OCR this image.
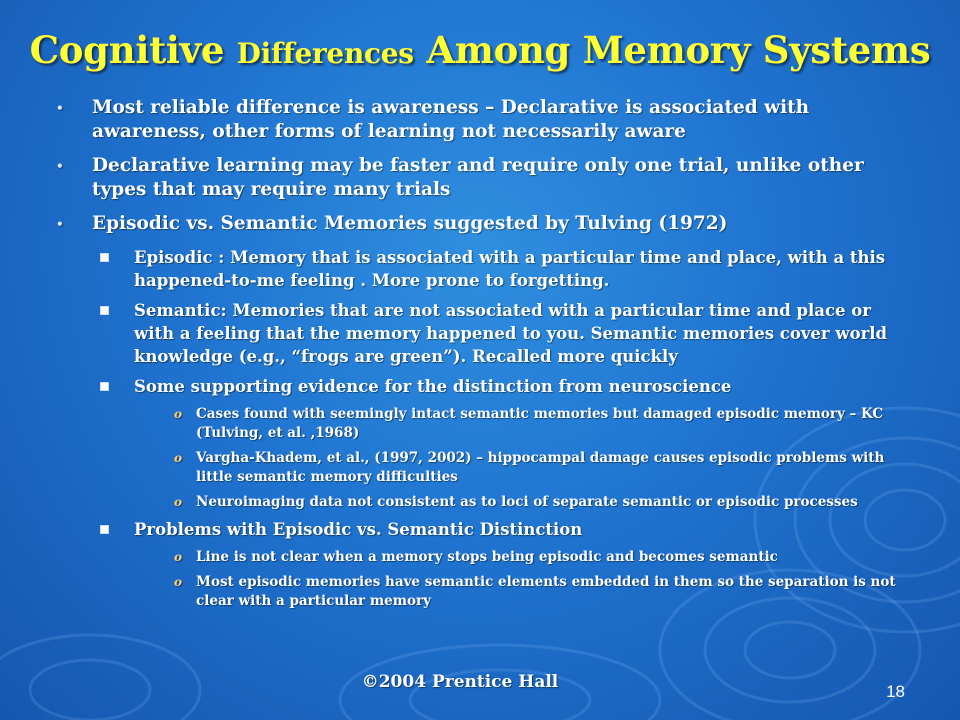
Cognitive Differences Among Memory Systems
• Most reliable difference is awareness – Declarative is associated with awareness, other forms of learning not necessarily aware
• Declarative learning may be faster and require only one trial, unlike other types that may require many trials
• Episodic vs. Semantic Memories suggested by Tulving (1972)
Episodic : Memory that is associated with a particular time and place, with a this happened-to-me feeling . More prone to forgetting.
Semantic: Memories that are not associated with a particular time and place or with a feeling that the memory happened to you. Semantic memories cover world knowledge (e.g., “frogs are green”). Recalled more quickly
Some supporting evidence for the distinction from neuroscience
o Cases found with seemingly intact semantic memories but damaged episodic memory – KC (Tulving, et al. ,1968)
o Vargha-Khadem, et al., (1997, 2002) – hippocampal damage causes episodic problems with little semantic memory difficulties
o Neuroimaging data not consistent as to loci of separate semantic or episodic processes
Problems with Episodic vs. Semantic Distinction
o Line is not clear when a memory stops being episodic and becomes semantic
o Most episodic memories have semantic elements embedded in them so the separation is not clear with a particular memory
©2004 Prentice Hall	18
